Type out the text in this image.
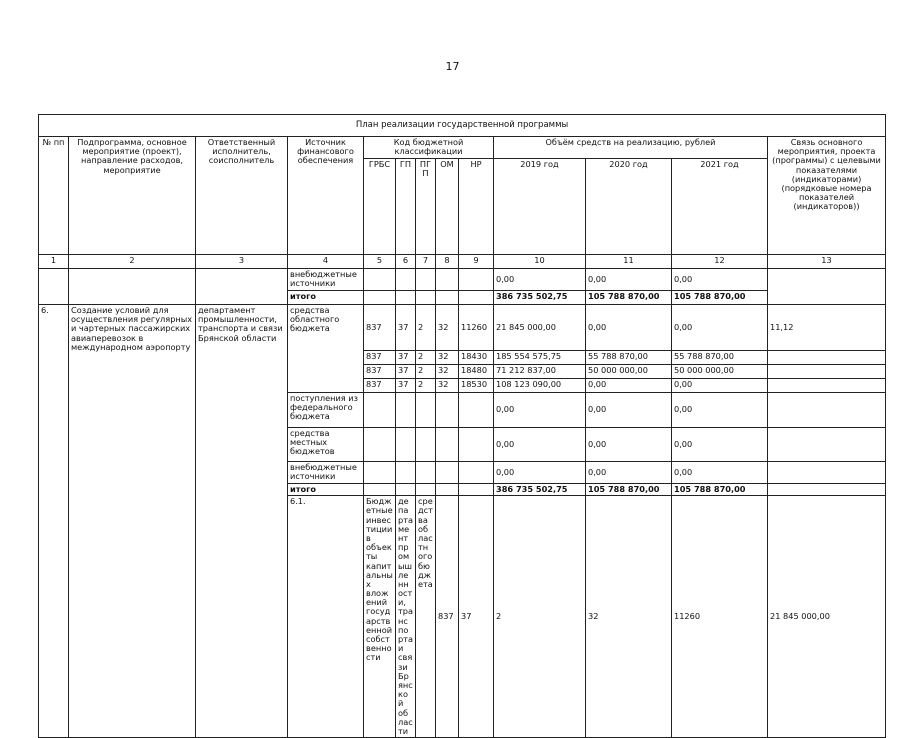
17
План реализации государственной программы													
№ пп	Подпрограмма, основное мероприятие (проект), направление расходов, мероприятие	Ответственный исполнитель, соисполнитель	Источник финансового обеспечения	Код бюджетной классификации					Объём средств на реализацию, рублей			Связь основного мероприятия, проекта (программы) с целевыми показателями (индикаторами) (порядковые номера показателей (индикаторов))	
				ГРБС	ГП	ПГП	ОМ	НР	2019 год	2020 год	2021 год		
1	2	3	4	5	6	7	8	9	10	11	12	13	
			внебюджетные источники						0,00	0,00	0,00		
			итого						386 735 502,75	105 788 870,00	105 788 870,00		
6.	Создание условий для осуществления регулярных и чартерных пассажирских авиаперевозок в международном аэропорту	департамент промышленности, транспорта и связи Брянской области	средства областного бюджета	837	37	2	32	11260	21 845 000,00	0,00	0,00	11,12	
				837	37	2	32	18430	185 554 575,75	55 788 870,00	55 788 870,00		
				837	37	2	32	18480	71 212 837,00	50 000 000,00	50 000 000,00		
				837	37	2	32	18530	108 123 090,00	0,00	0,00		
			поступления из федерального бюджета						0,00	0,00	0,00		
			средства местных бюджетов						0,00	0,00	0,00		
			внебюджетные источники						0,00	0,00	0,00		
			итого						386 735 502,75	105 788 870,00	105 788 870,00		
			6.1.	Бюджетные инвестиции в объекты капитальных вложений государственной собственности	департамент промышленности, транспорта и связи Брянской области	средства областного бюджета	837	37	2	32	11260	21 845 000,00			
